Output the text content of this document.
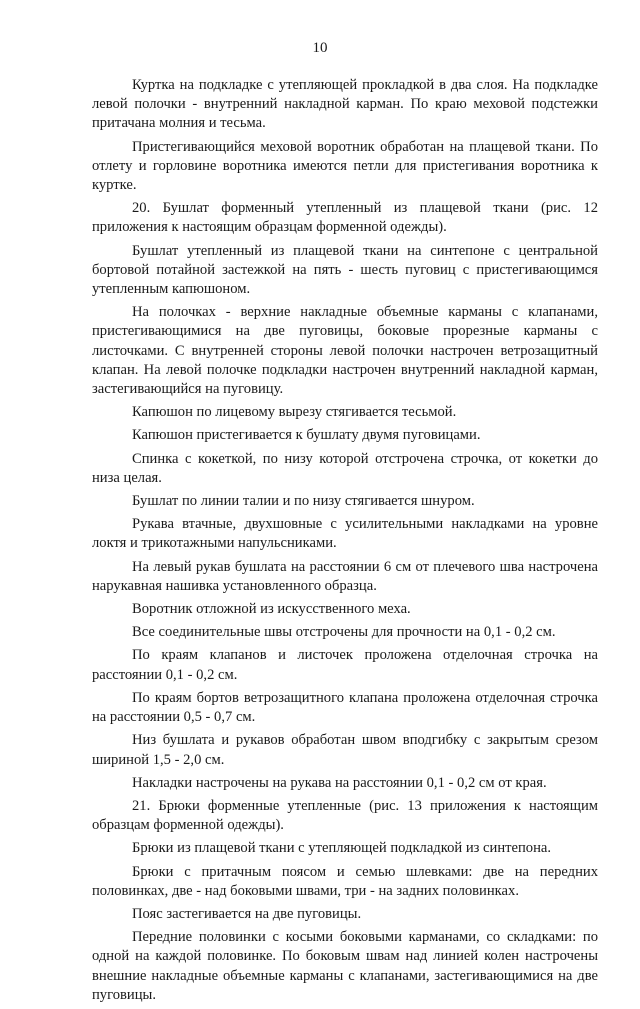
10

Куртка на подкладке с утепляющей прокладкой в два слоя. На подкладке левой полочки - внутренний накладной карман. По краю меховой подстежки притачана молния и тесьма.

Пристегивающийся меховой воротник обработан на плащевой ткани. По отлету и горловине воротника имеются петли для пристегивания воротника к куртке.

20. Бушлат форменный утепленный из плащевой ткани (рис. 12 приложения к настоящим образцам форменной одежды).

Бушлат утепленный из плащевой ткани на синтепоне с центральной бортовой потайной застежкой на пять - шесть пуговиц с пристегивающимся утепленным капюшоном.

На полочках - верхние накладные объемные карманы с клапанами, пристегивающимися на две пуговицы, боковые прорезные карманы с листочками. С внутренней стороны левой полочки настрочен ветрозащитный клапан. На левой полочке подкладки настрочен внутренний накладной карман, застегивающийся на пуговицу.

Капюшон по лицевому вырезу стягивается тесьмой.

Капюшон пристегивается к бушлату двумя пуговицами.

Спинка с кокеткой, по низу которой отстрочена строчка, от кокетки до низа целая.

Бушлат по линии талии и по низу стягивается шнуром.

Рукава втачные, двухшовные с усилительными накладками на уровне локтя и трикотажными напульсниками.

На левый рукав бушлата на расстоянии 6 см от плечевого шва настрочена нарукавная нашивка установленного образца.

Воротник отложной из искусственного меха.

Все соединительные швы отстрочены для прочности на 0,1 - 0,2 см.

По краям клапанов и листочек проложена отделочная строчка на расстоянии 0,1 - 0,2 см.

По краям бортов ветрозащитного клапана проложена отделочная строчка на расстоянии 0,5 - 0,7 см.

Низ бушлата и рукавов обработан швом вподгибку с закрытым срезом шириной 1,5 - 2,0 см.

Накладки настрочены на рукава на расстоянии 0,1 - 0,2 см от края.

21. Брюки форменные утепленные (рис. 13 приложения к настоящим образцам форменной одежды).

Брюки из плащевой ткани с утепляющей подкладкой из синтепона.

Брюки с притачным поясом и семью шлевками: две на передних половинках, две - над боковыми швами, три - на задних половинках.

Пояс застегивается на две пуговицы.

Передние половинки с косыми боковыми карманами, со складками: по одной на каждой половинке. По боковым швам над линией колен настрочены внешние накладные объемные карманы с клапанами, застегивающимися на две пуговицы.
